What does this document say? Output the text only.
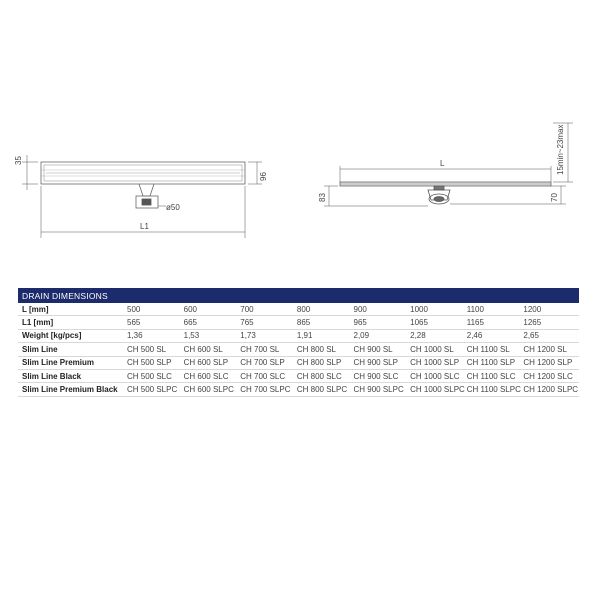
35
96
ø50
L1
L
83	70
15min~23max
DRAIN DIMENSIONS								
L [mm]	500	600	700	800	900	1000	1100	1200
L1 [mm]	565	665	765	865	965	1065	1165	1265
Weight [kg/pcs]	1,36	1,53	1,73	1,91	2,09	2,28	2,46	2,65
Slim Line	CH 500 SL	CH 600 SL	CH 700 SL	CH 800 SL	CH 900 SL	CH 1000 SL	CH 1100 SL	CH 1200 SL
Slim Line Premium	CH 500 SLP	CH 600 SLP	CH 700 SLP	CH 800 SLP	CH 900 SLP	CH 1000 SLP	CH 1100 SLP	CH 1200 SLP
Slim Line Black	CH 500 SLC	CH 600 SLC	CH 700 SLC	CH 800 SLC	CH 900 SLC	CH 1000 SLC	CH 1100 SLC	CH 1200 SLC
Slim Line Premium Black	CH 500 SLPC	CH 600 SLPC	CH 700 SLPC	CH 800 SLPC	CH 900 SLPC	CH 1000 SLPC	CH 1100 SLPC	CH 1200 SLPC
